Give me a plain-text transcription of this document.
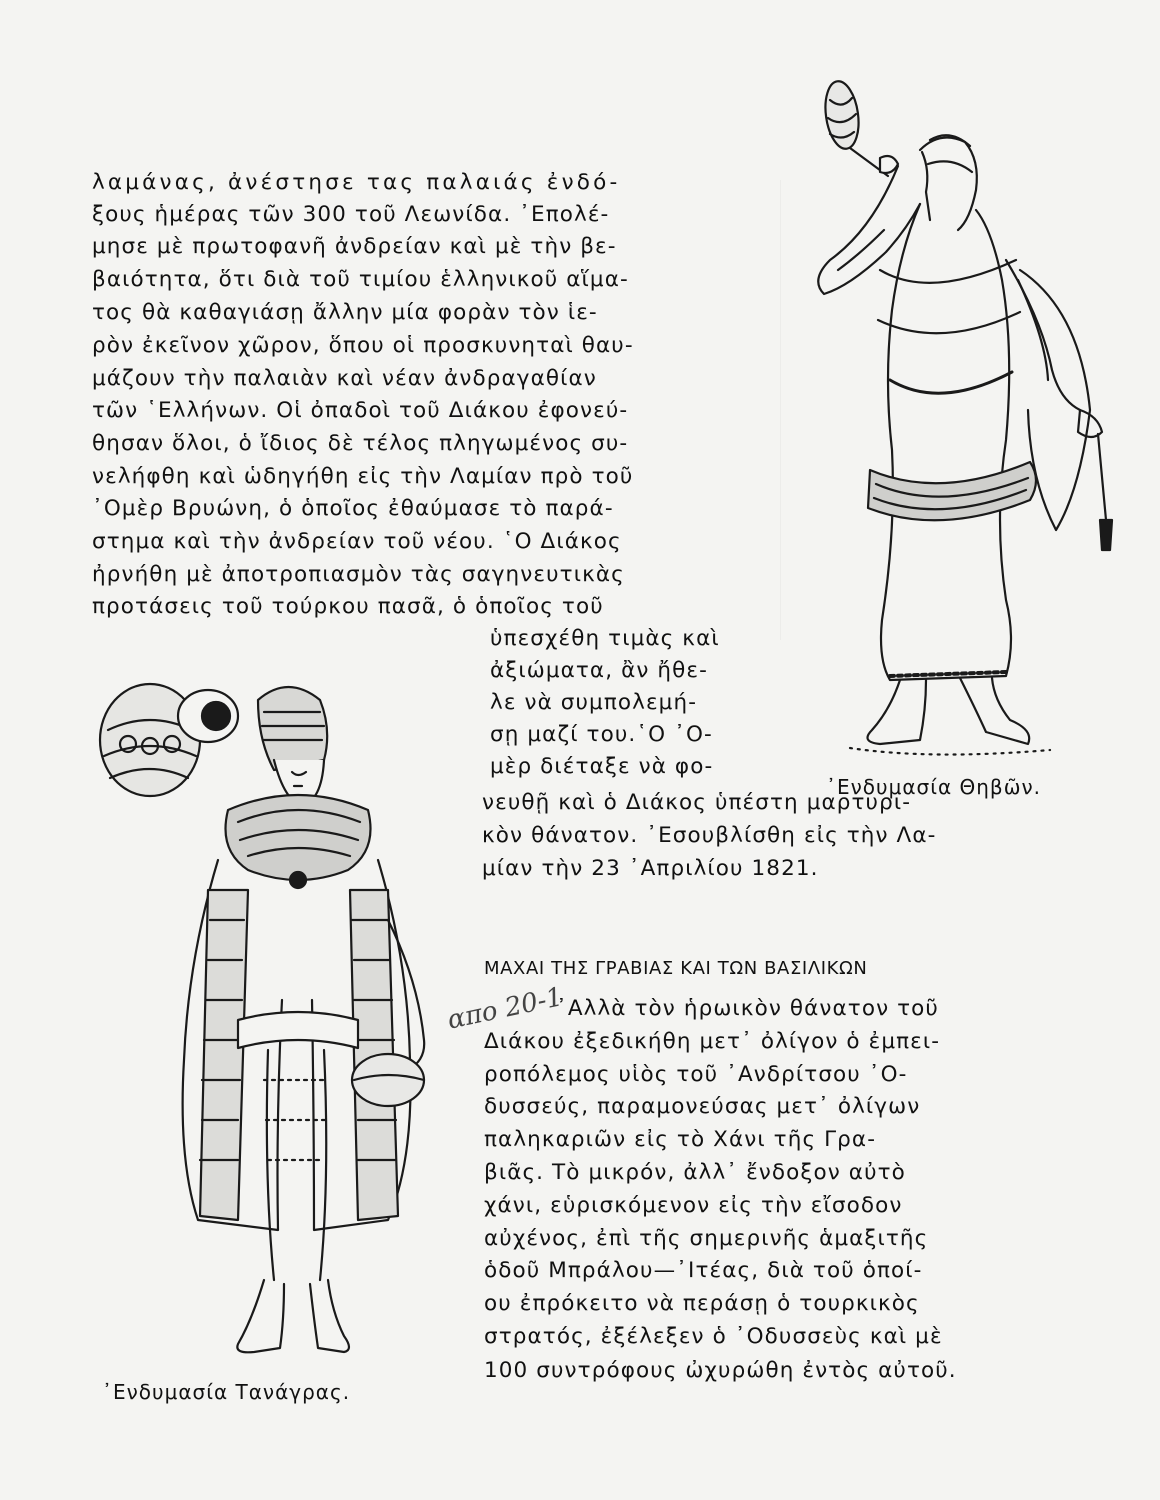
λαμάνας, ἀνέστησε τας παλαιάς ἐνδό-

ξους ἡμέρας τῶν 300 τοῦ Λεωνίδα. ᾽Επολέ-

μησε μὲ πρωτοφανῆ ἀνδρείαν καὶ μὲ τὴν βε-

βαιότητα, ὅτι διὰ τοῦ τιμίου ἑλληνικοῦ αἵμα-

τος θὰ καθαγιάσῃ ἄλλην μία φορὰν τὸν ἱε-

ρὸν ἐκεῖνον χῶρον, ὅπου οἱ προσκυνηταὶ θαυ-

μάζουν τὴν παλαιὰν καὶ νέαν ἀνδραγαθίαν

τῶν ῾Ελλήνων. Οἱ ὀπαδοὶ τοῦ Διάκου ἐφονεύ-

θησαν ὅλοι, ὁ ἴδιος δὲ τέλος πληγωμένος συ-

νελήφθη καὶ ὡδηγήθη εἰς τὴν Λαμίαν πρὸ τοῦ

᾽Ομὲρ Βρυώνη, ὁ ὁποῖος ἐθαύμασε τὸ παρά-

στημα καὶ τὴν ἀνδρείαν τοῦ νέου. ῾Ο Διάκος

ἠρνήθη μὲ ἀποτροπιασμὸν τὰς σαγηνευτικὰς

προτάσεις τοῦ τούρκου πασᾶ, ὁ ὁποῖος τοῦ

ὑπεσχέθη τιμὰς καὶ

ἀξιώματα, ἂν ἤθε-

λε νὰ συμπολεμή-

σῃ μαζί του.῾Ο ᾽Ο-

μὲρ διέταξε νὰ φο-

νευθῇ καὶ ὁ Διάκος ὑπέστη μαρτυρι-

κὸν θάνατον. ᾽Εσουβλίσθη εἰς τὴν Λα-

μίαν τὴν 23 ᾽Απριλίου 1821.

ΜΑΧΑΙ ΤΗΣ ΓΡΑΒΙΑΣ ΚΑΙ ΤΩΝ ΒΑΣΙΛΙΚΩΝ

᾽Αλλὰ τὸν ἡρωικὸν θάνατον τοῦ

Διάκου ἐξεδικήθη μετ᾽ ὀλίγον ὁ ἐμπει-

ροπόλεμος υἱὸς τοῦ ᾽Ανδρίτσου ᾽Ο-

δυσσεύς, παραμονεύσας μετ᾽ ὀλίγων

παληκαριῶν εἰς τὸ Χάνι τῆς Γρα-

βιᾶς. Τὸ μικρόν, ἀλλ᾽ ἔνδοξον αὐτὸ

χάνι, εὑρισκόμενον εἰς τὴν εἴσοδον

αὐχένος, ἐπὶ τῆς σημερινῆς ἁμαξιτῆς

ὁδοῦ Μπράλου—᾽Ιτέας, διὰ τοῦ ὁποί-

ου ἐπρόκειτο νὰ περάσῃ ὁ τουρκικὸς

στρατός, ἐξέλεξεν ὁ ᾽Οδυσσεὺς καὶ μὲ

100 συντρόφους ὠχυρώθη ἐντὸς αὐτοῦ.

απο 20-1

᾽Ενδυμασία Θηβῶν.

᾽Ενδυμασία Τανάγρας.
